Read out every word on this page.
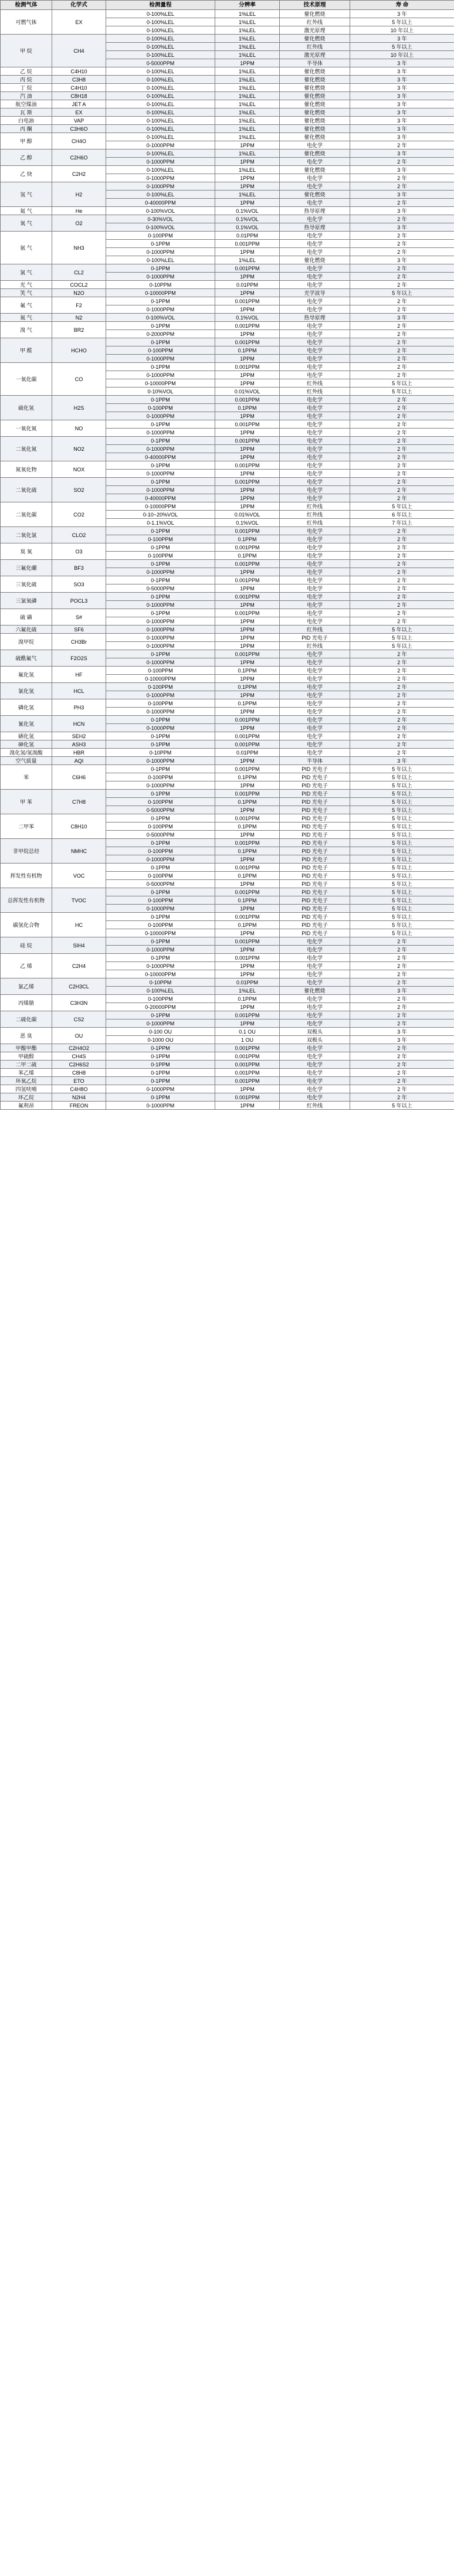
检测气体	化学式	检测量程	分辨率	技术原理	寿 命
可燃气体	EX	0-100%LEL	1%LEL	催化燃烧	3 年
		0-100%LEL	1%LEL	红外线	5 年以上
		0-100%LEL	1%LEL	激光原理	10 年以上
甲 烷	CH4	0-100%LEL	1%LEL	催化燃烧	3 年
		0-100%LEL	1%LEL	红外线	5 年以上
		0-100%LEL	1%LEL	激光原理	10 年以上
		0-5000PPM	1PPM	半导体	3 年
乙 烷	C4H10	0-100%LEL	1%LEL	催化燃烧	3 年
丙 烷	C3H8	0-100%LEL	1%LEL	催化燃烧	3 年
丁 烷	C4H10	0-100%LEL	1%LEL	催化燃烧	3 年
汽 油	C8H18	0-100%LEL	1%LEL	催化燃烧	3 年
航空煤油	JET A	0-100%LEL	1%LEL	催化燃烧	3 年
瓦 斯	EX	0-100%LEL	1%LEL	催化燃烧	3 年
白电油	VAP	0-100%LEL	1%LEL	催化燃烧	3 年
丙 酮	C3H6O	0-100%LEL	1%LEL	催化燃烧	3 年
甲 醇	CH4O	0-100%LEL	1%LEL	催化燃烧	3 年
		0-1000PPM	1PPM	电化学	2 年
乙 醇	C2H6O	0-100%LEL	1%LEL	催化燃烧	3 年
		0-1000PPM	1PPM	电化学	2 年
乙 炔	C2H2	0-100%LEL	1%LEL	催化燃烧	3 年
		0-1000PPM	1PPM	电化学	2 年
氢 气	H2	0-1000PPM	1PPM	电化学	2 年
		0-100%LEL	1%LEL	催化燃烧	3 年
		0-40000PPM	1PPM	电化学	2 年
氦 气	He	0-100%VOL	0.1%VOL	热导原理	3 年
氧 气	O2	0-30%VOL	0.1%VOL	电化学	2 年
		0-100%VOL	0.1%VOL	热导原理	3 年
氨 气	NH3	0-100PPM	0.01PPM	电化学	2 年
		0-1PPM	0.001PPM	电化学	2 年
		0-1000PPM	1PPM	电化学	2 年
		0-100%LEL	1%LEL	催化燃烧	3 年
氯 气	CL2	0-1PPM	0.001PPM	电化学	2 年
		0-1000PPM	1PPM	电化学	2 年
光 气	COCL2	0-10PPM	0.01PPM	电化学	2 年
笑 气	N2O	0-10000PPM	1PPM	光学波导	5 年以上
氟 气	F2	0-1PPM	0.001PPM	电化学	2 年
		0-1000PPM	1PPM	电化学	2 年
氮 气	N2	0-100%VOL	0.1%VOL	热导原理	3 年
溴 气	BR2	0-1PPM	0.001PPM	电化学	2 年
		0-2000PPM	1PPM	电化学	2 年
甲 醛	HCHO	0-1PPM	0.001PPM	电化学	2 年
		0-100PPM	0.1PPM	电化学	2 年
		0-1000PPM	1PPM	电化学	2 年
一氧化碳	CO	0-1PPM	0.001PPM	电化学	2 年
		0-1000PPM	1PPM	电化学	2 年
		0-10000PPM	1PPM	红外线	5 年以上
		0-10%VOL	0.01%VOL	红外线	5 年以上
硫化氢	H2S	0-1PPM	0.001PPM	电化学	2 年
		0-100PPM	0.1PPM	电化学	2 年
		0-1000PPM	1PPM	电化学	2 年
一氧化氮	NO	0-1PPM	0.001PPM	电化学	2 年
		0-1000PPM	1PPM	电化学	2 年
二氧化氮	NO2	0-1PPM	0.001PPM	电化学	2 年
		0-1000PPM	1PPM	电化学	2 年
		0-40000PPM	1PPM	电化学	2 年
氮氧化物	NOX	0-1PPM	0.001PPM	电化学	2 年
		0-1000PPM	1PPM	电化学	2 年
二氧化硫	SO2	0-1PPM	0.001PPM	电化学	2 年
		0-1000PPM	1PPM	电化学	2 年
		0-40000PPM	1PPM	电化学	2 年
二氧化碳	CO2	0-10000PPM	1PPM	红外线	5 年以上
		0-10~20%VOL	0.01%VOL	红外线	6 年以上
		0-1.1%VOL	0.1%VOL	红外线	7 年以上
二氧化氯	CLO2	0-1PPM	0.001PPM	电化学	2 年
		0-100PPM	0.1PPM	电化学	2 年
臭 氧	O3	0-1PPM	0.001PPM	电化学	2 年
		0-100PPM	0.1PPM	电化学	2 年
三氟化硼	BF3	0-1PPM	0.001PPM	电化学	2 年
		0-1000PPM	1PPM	电化学	2 年
三氧化硫	SO3	0-1PPM	0.001PPM	电化学	2 年
		0-5000PPM	1PPM	电化学	2 年
三氯氧磷	POCL3	0-1PPM	0.001PPM	电化学	2 年
		0-1000PPM	1PPM	电化学	2 年
硫 磺	S#	0-1PPM	0.001PPM	电化学	2 年
		0-1000PPM	1PPM	电化学	2 年
六氟化硫	SF6	0-1000PPM	1PPM	红外线	5 年以上
溴甲烷	CH3Br	0-1000PPM	1PPM	PID 光电子	5 年以上
		0-1000PPM	1PPM	红外线	5 年以上
硫酰氟气	F2O2S	0-1PPM	0.001PPM	电化学	2 年
		0-1000PPM	1PPM	电化学	2 年
氟化氢	HF	0-100PPM	0.1PPM	电化学	2 年
		0-10000PPM	1PPM	电化学	2 年
氯化氢	HCL	0-100PPM	0.1PPM	电化学	2 年
		0-1000PPM	1PPM	电化学	2 年
磷化氢	PH3	0-100PPM	0.1PPM	电化学	2 年
		0-1000PPM	1PPM	电化学	2 年
氰化氢	HCN	0-1PPM	0.001PPM	电化学	2 年
		0-1000PPM	1PPM	电化学	2 年
硒化氢	SEH2	0-1PPM	0.001PPM	电化学	2 年
砷化氢	ASH3	0-1PPM	0.001PPM	电化学	2 年
溴化氢/氢溴酸	HBR	0-10PPM	0.01PPM	电化学	2 年
空气质量	AQI	0-1000PPM	1PPM	半导体	3 年
苯	C6H6	0-1PPM	0.001PPM	PID 光电子	5 年以上
		0-100PPM	0.1PPM	PID 光电子	5 年以上
		0-1000PPM	1PPM	PID 光电子	5 年以上
甲 苯	C7H8	0-1PPM	0.001PPM	PID 光电子	5 年以上
		0-100PPM	0.1PPM	PID 光电子	5 年以上
		0-5000PPM	1PPM	PID 光电子	5 年以上
二甲苯	C8H10	0-1PPM	0.001PPM	PID 光电子	5 年以上
		0-100PPM	0.1PPM	PID 光电子	5 年以上
		0-5000PPM	1PPM	PID 光电子	5 年以上
非甲烷总烃	NMHC	0-1PPM	0.001PPM	PID 光电子	5 年以上
		0-100PPM	0.1PPM	PID 光电子	5 年以上
		0-1000PPM	1PPM	PID 光电子	5 年以上
挥发性有机物	VOC	0-1PPM	0.001PPM	PID 光电子	5 年以上
		0-100PPM	0.1PPM	PID 光电子	5 年以上
		0-5000PPM	1PPM	PID 光电子	5 年以上
总挥发性有机物	TVOC	0-1PPM	0.001PPM	PID 光电子	5 年以上
		0-100PPM	0.1PPM	PID 光电子	5 年以上
		0-1000PPM	1PPM	PID 光电子	5 年以上
碳氢化合物	HC	0-1PPM	0.001PPM	PID 光电子	5 年以上
		0-100PPM	0.1PPM	PID 光电子	5 年以上
		0-10000PPM	1PPM	PID 光电子	5 年以上
硅 烷	SIH4	0-1PPM	0.001PPM	电化学	2 年
		0-1000PPM	1PPM	电化学	2 年
乙 烯	C2H4	0-1PPM	0.001PPM	电化学	2 年
		0-1000PPM	1PPM	电化学	2 年
		0-10000PPM	1PPM	电化学	2 年
氯乙烯	C2H3CL	0-10PPM	0.01PPM	电化学	2 年
		0-100%LEL	1%LEL	催化燃烧	3 年
丙烯腈	C3H3N	0-100PPM	0.1PPM	电化学	2 年
		0-20000PPM	1PPM	电化学	2 年
二硫化碳	CS2	0-1PPM	0.001PPM	电化学	2 年
		0-1000PPM	1PPM	电化学	2 年
恶 臭	OU	0-100 OU	0.1 OU	双极头	3 年
		0-1000 OU	1 OU	双极头	3 年
甲酸甲酯	C2H4O2	0-1PPM	0.001PPM	电化学	2 年
甲硫醇	CH4S	0-1PPM	0.001PPM	电化学	2 年
二甲二硫	C2H6S2	0-1PPM	0.001PPM	电化学	2 年
苯乙烯	C8H8	0-1PPM	0.001PPM	电化学	2 年
环氧乙烷	ETO	0-1PPM	0.001PPM	电化学	2 年
四氢呋喃	C4H8O	0-1000PPM	1PPM	电化学	2 年
环乙烷	N2H4	0-1PPM	0.001PPM	电化学	2 年
氟利昂	FREON	0-1000PPM	1PPM	红外线	5 年以上
